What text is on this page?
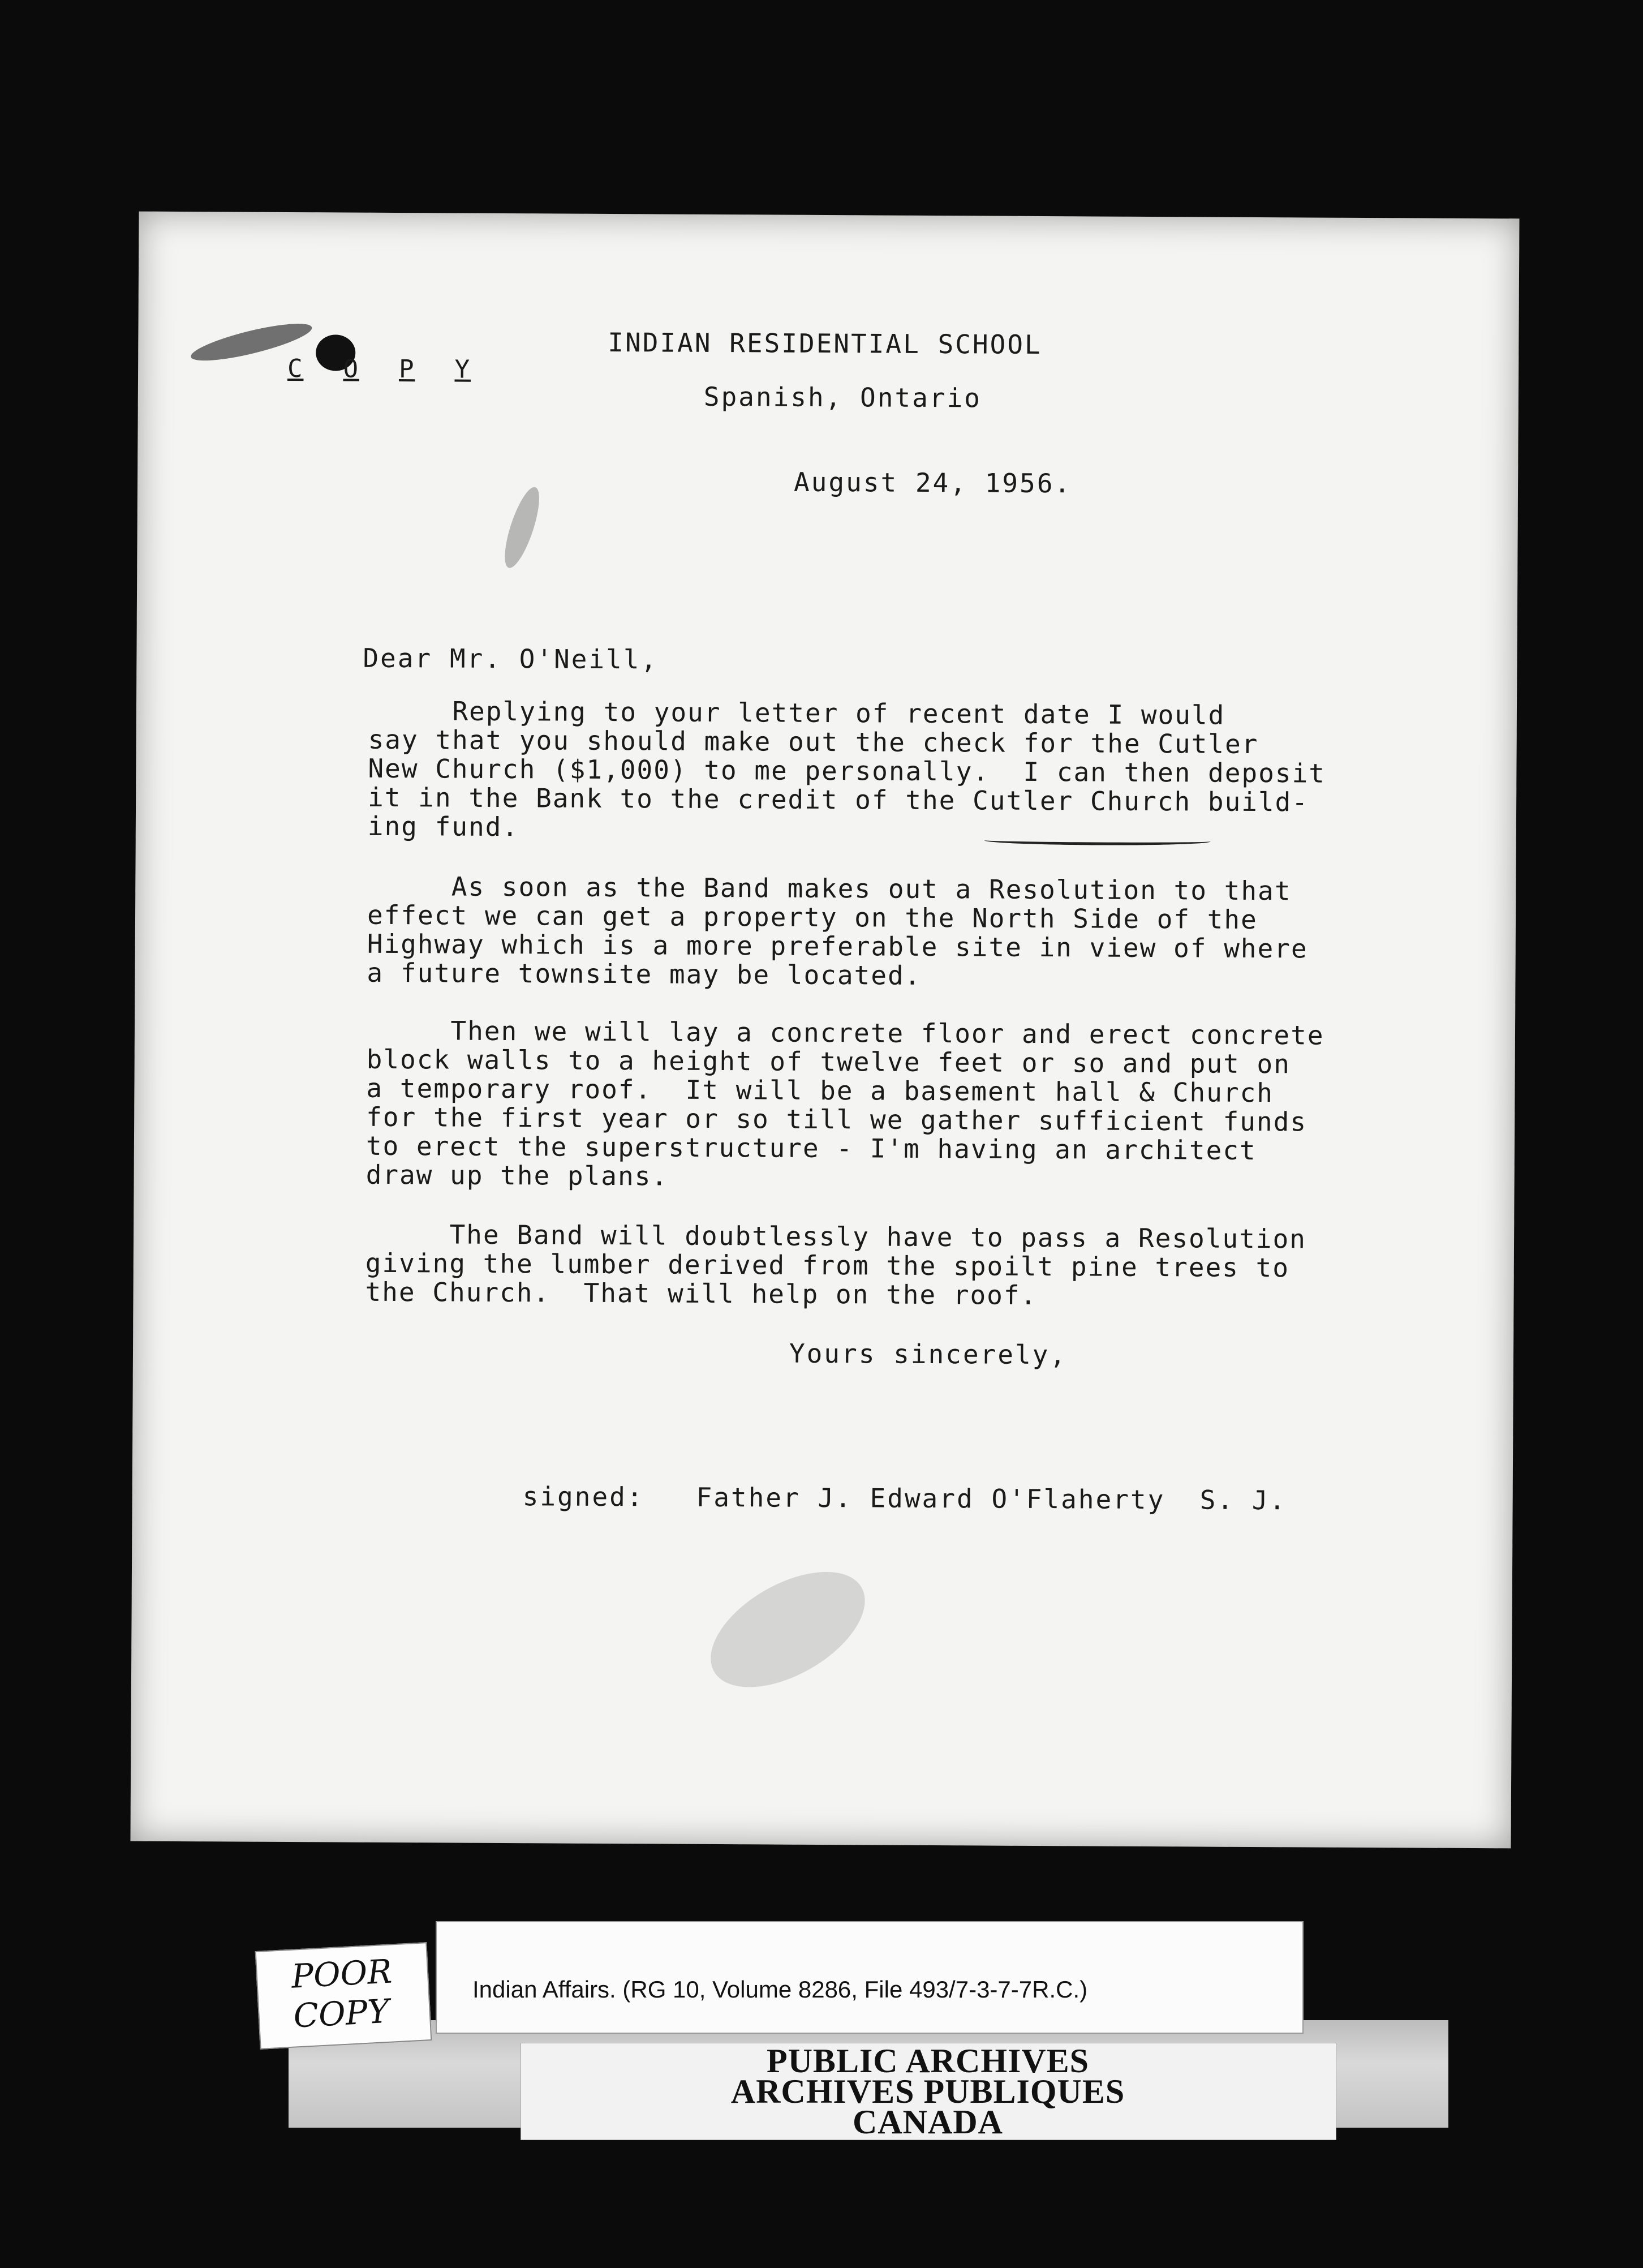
C O P Y

INDIAN RESIDENTIAL SCHOOL
Spanish, Ontario
August 24, 1956.
Dear Mr. O'Neill,

Replying to your letter of recent date I would

say that you should make out the check for the Cutler

New Church ($1,000) to me personally.  I can then deposit

it in the Bank to the credit of the Cutler Church build-

ing fund.

As soon as the Band makes out a Resolution to that

effect we can get a property on the North Side of the

Highway which is a more preferable site in view of where

a future townsite may be located.

Then we will lay a concrete floor and erect concrete

block walls to a height of twelve feet or so and put on

a temporary roof.  It will be a basement hall & Church

for the first year or so till we gather sufficient funds

to erect the superstructure - I'm having an architect

draw up the plans.

The Band will doubtlessly have to pass a Resolution

giving the lumber derived from the spoilt pine trees to

the Church.  That will help on the roof.

Yours sincerely,
signed:   Father J. Edward O'Flaherty  S. J.
Indian Affairs. (RG 10, Volume 8286, File 493/7-3-7-7R.C.)
PUBLIC ARCHIVES
ARCHIVES PUBLIQUES
CANADA
POOR
COPY
